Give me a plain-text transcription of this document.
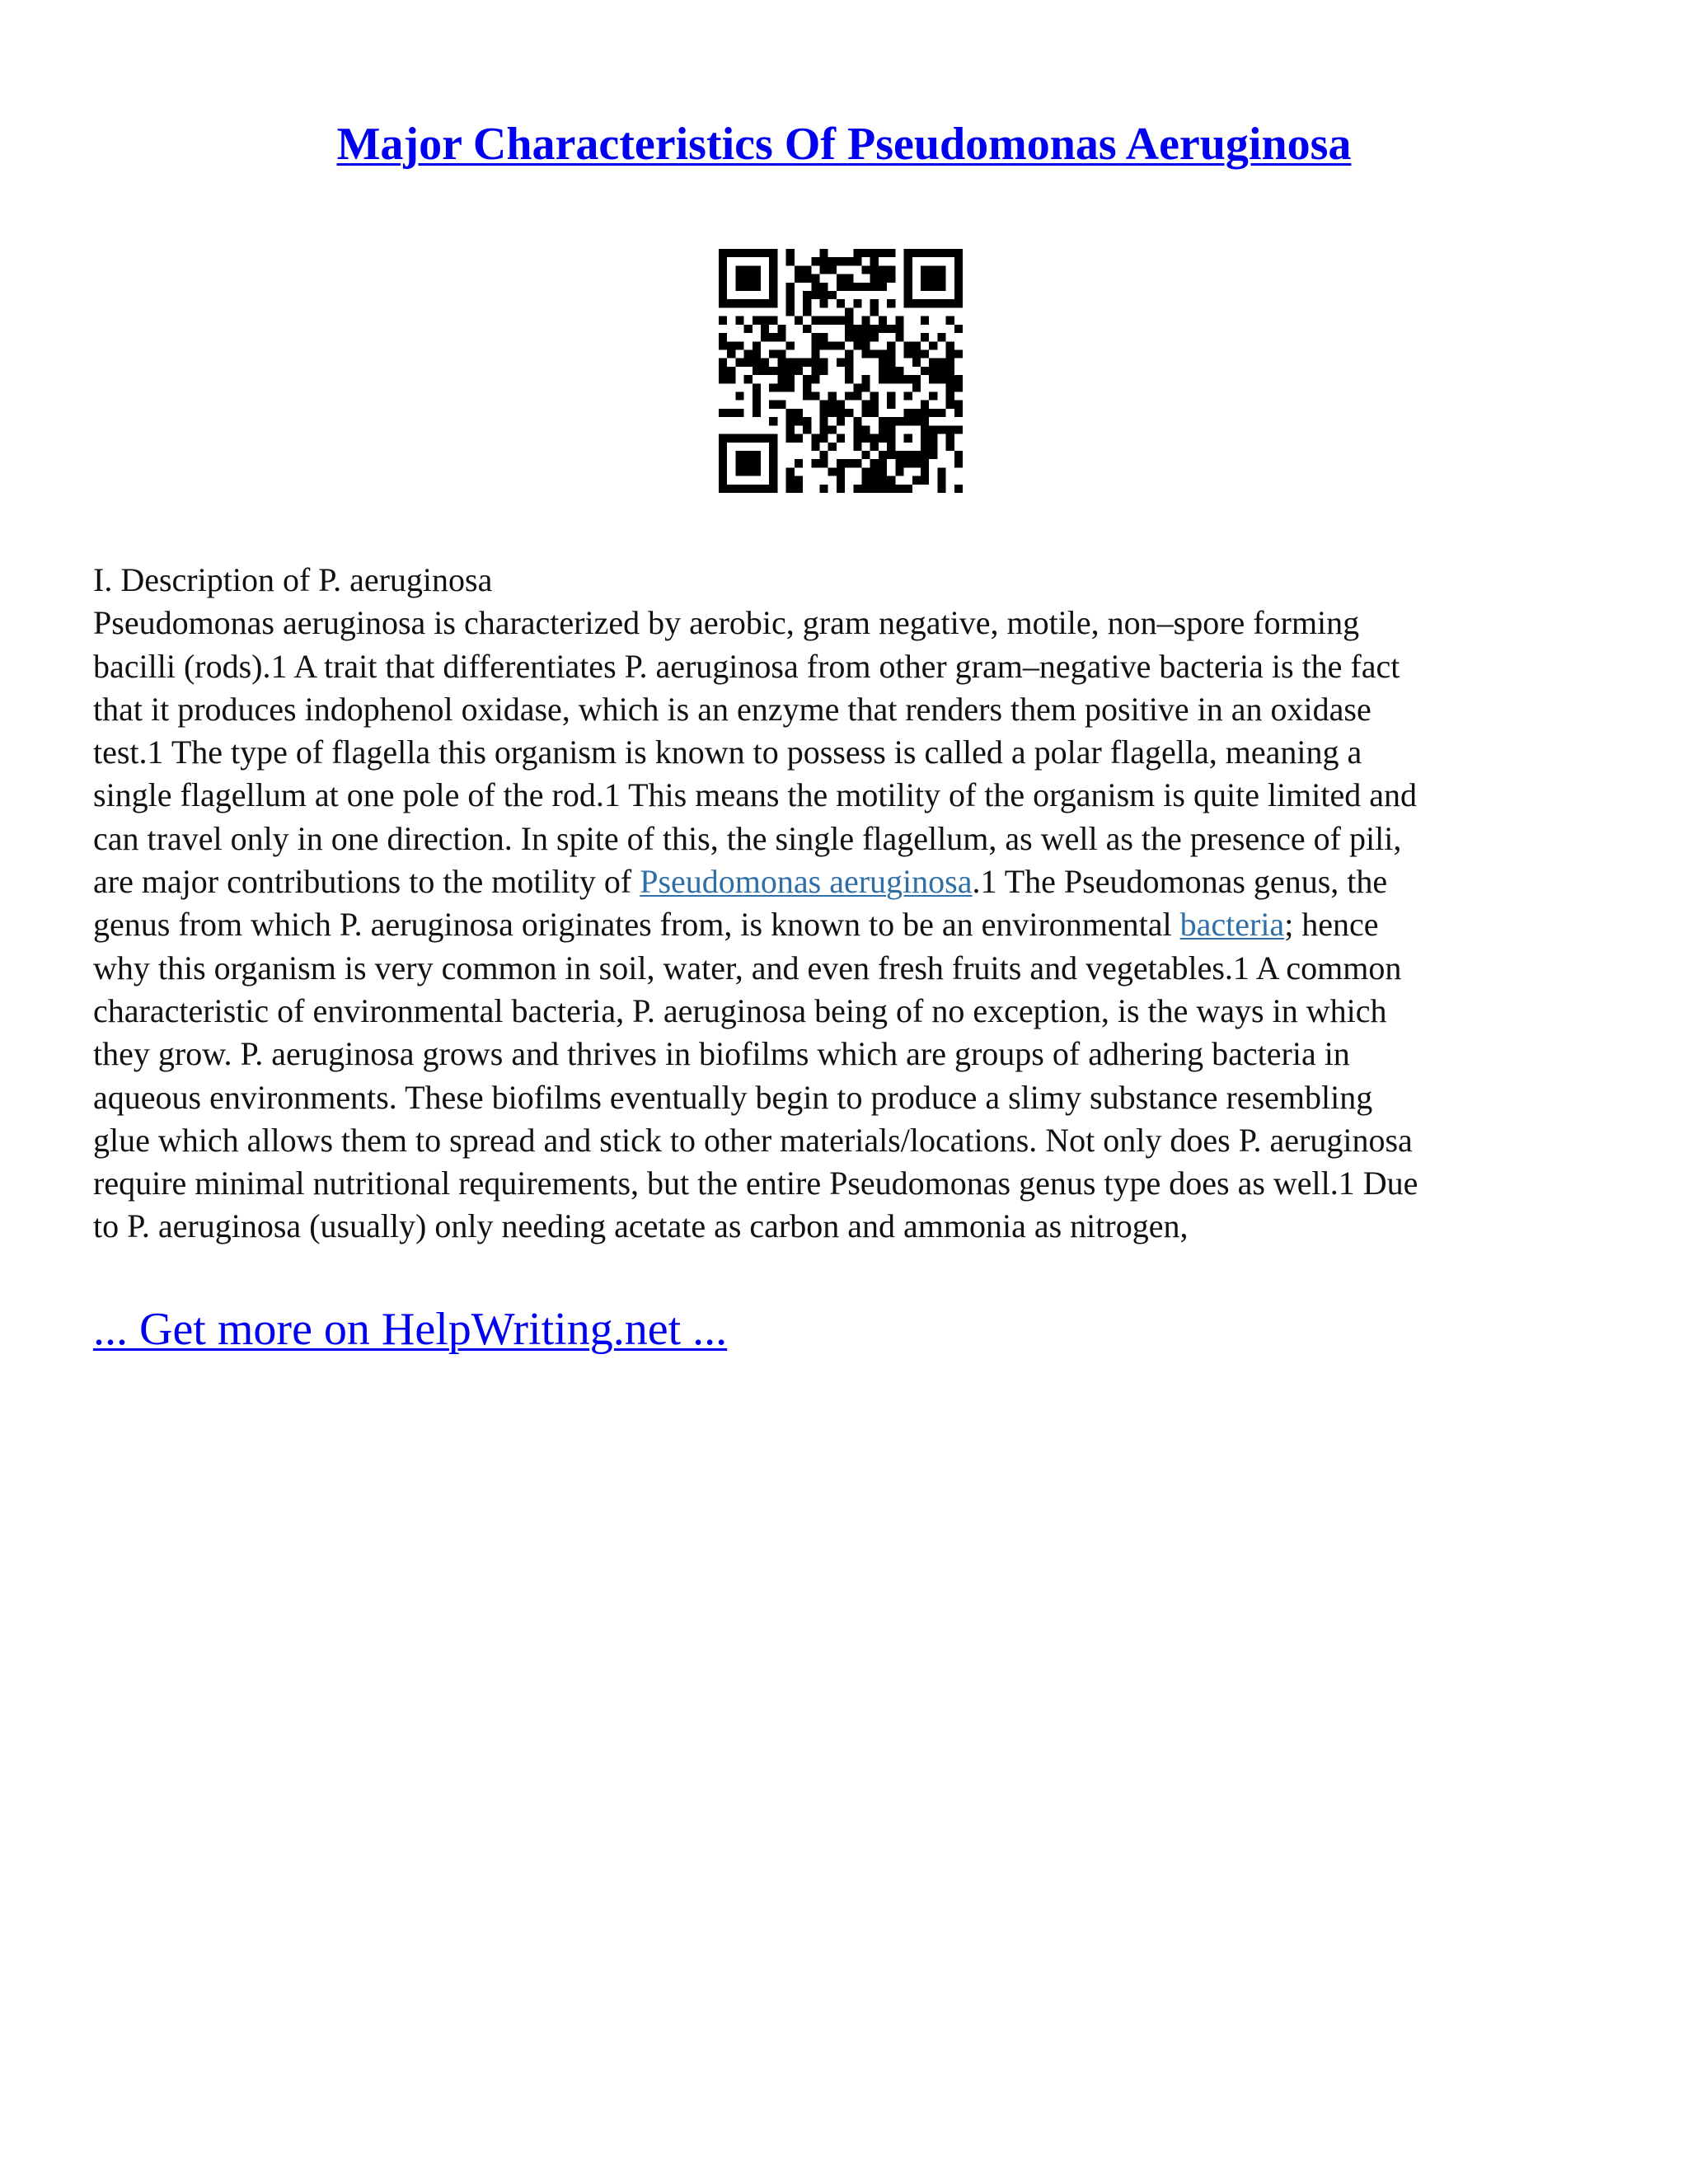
Major Characteristics Of Pseudomonas Aeruginosa
I. Description of P. aeruginosa
Pseudomonas aeruginosa is characterized by aerobic, gram negative, motile, non–spore forming
bacilli (rods).1 A trait that differentiates P. aeruginosa from other gram–negative bacteria is the fact
that it produces indophenol oxidase, which is an enzyme that renders them positive in an oxidase
test.1 The type of flagella this organism is known to possess is called a polar flagella, meaning a
single flagellum at one pole of the rod.1 This means the motility of the organism is quite limited and
can travel only in one direction. In spite of this, the single flagellum, as well as the presence of pili,
are major contributions to the motility of Pseudomonas aeruginosa.1 The Pseudomonas genus, the
genus from which P. aeruginosa originates from, is known to be an environmental bacteria; hence
why this organism is very common in soil, water, and even fresh fruits and vegetables.1 A common
characteristic of environmental bacteria, P. aeruginosa being of no exception, is the ways in which
they grow. P. aeruginosa grows and thrives in biofilms which are groups of adhering bacteria in
aqueous environments. These biofilms eventually begin to produce a slimy substance resembling
glue which allows them to spread and stick to other materials/locations. Not only does P. aeruginosa
require minimal nutritional requirements, but the entire Pseudomonas genus type does as well.1 Due
to P. aeruginosa (usually) only needing acetate as carbon and ammonia as nitrogen,

... Get more on HelpWriting.net ...
